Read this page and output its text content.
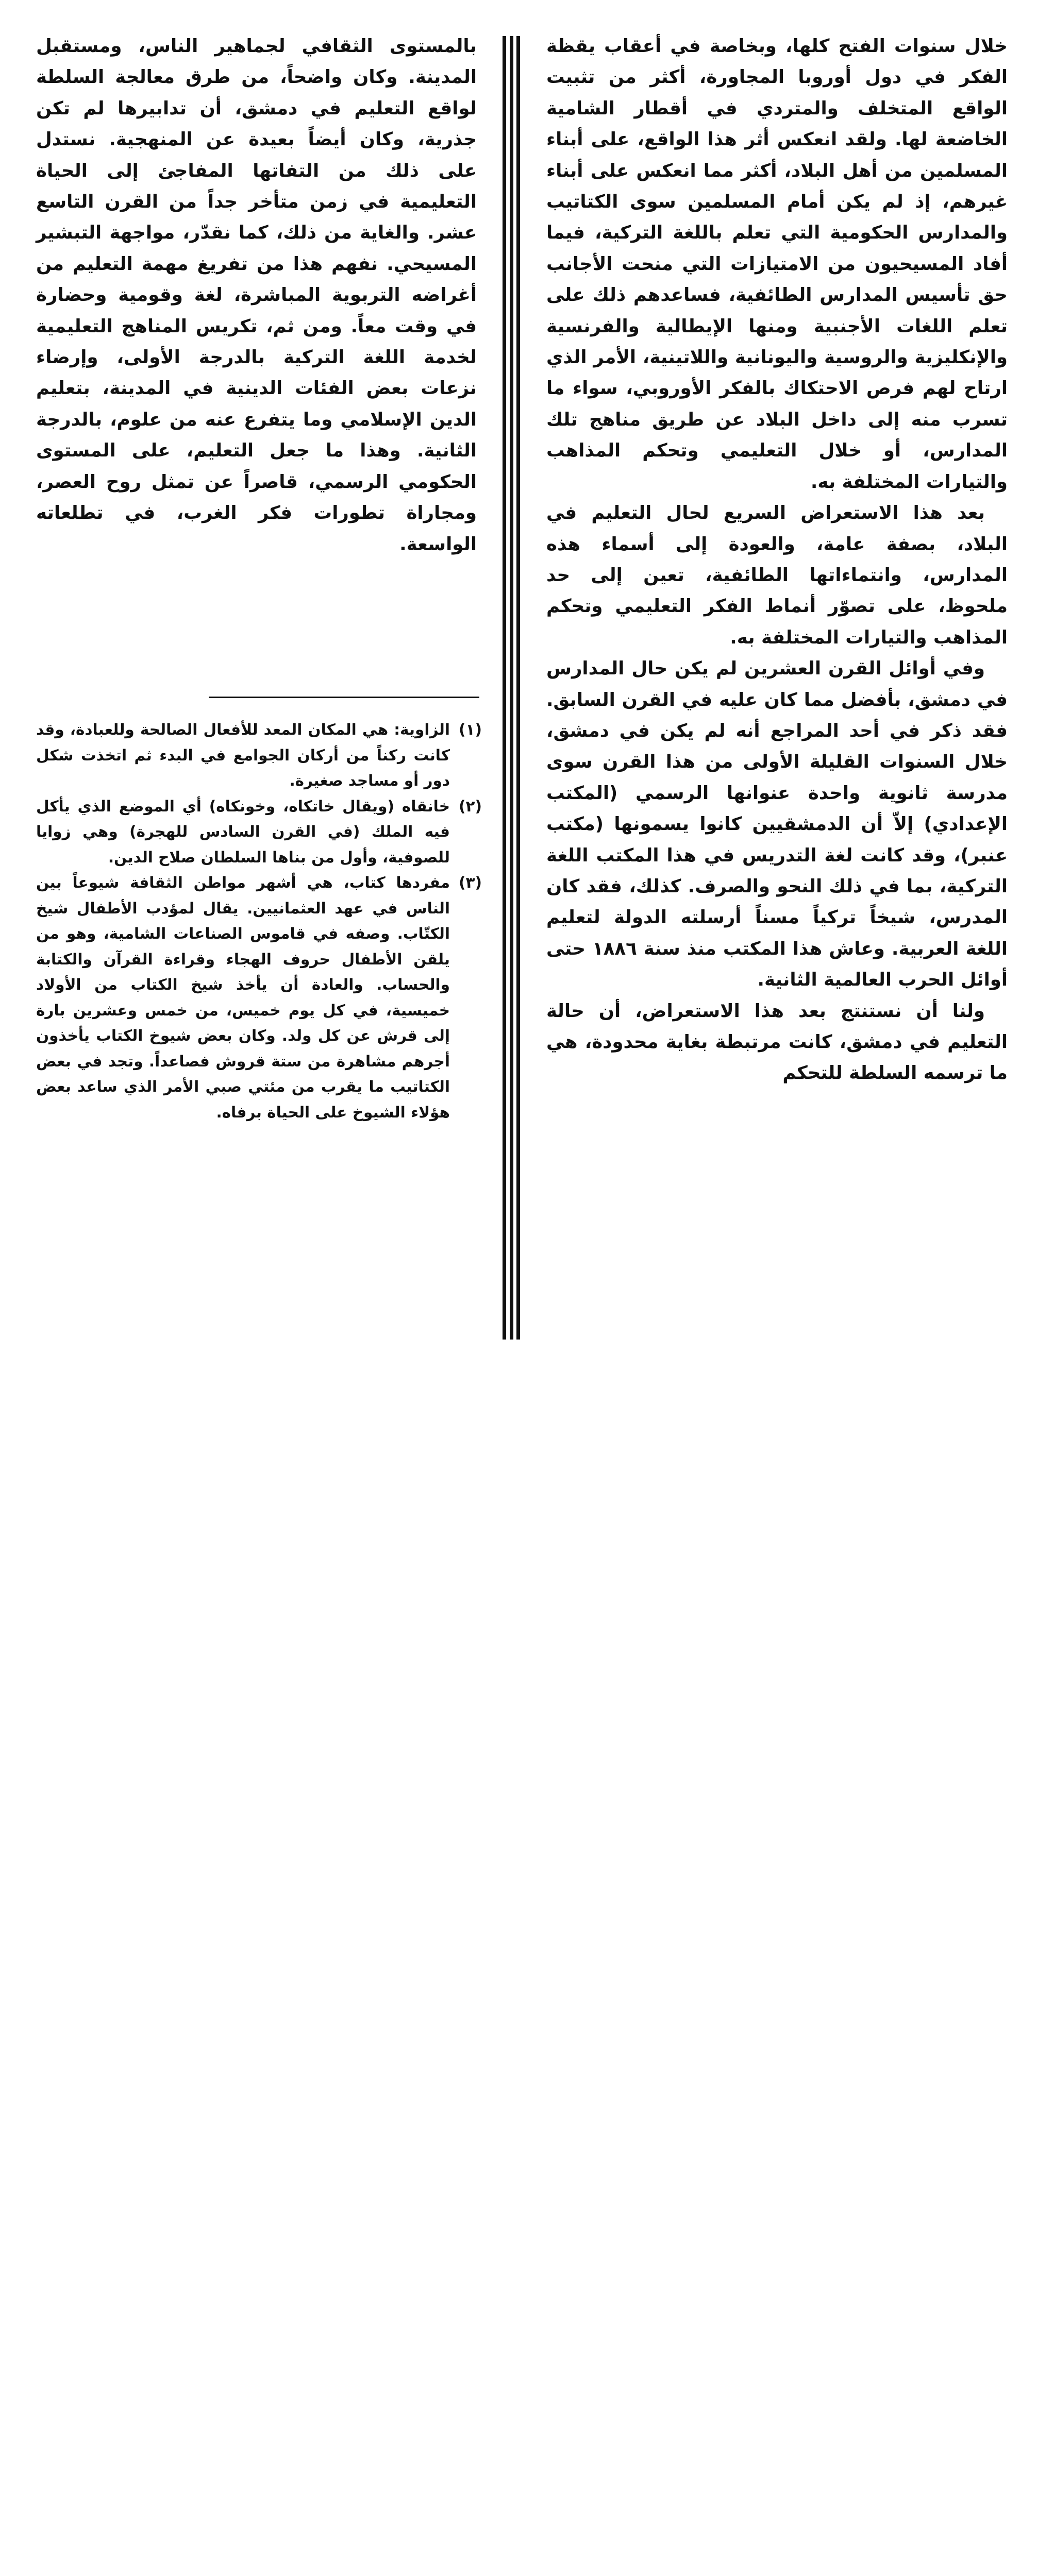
خلال سنوات الفتح كلها، وبخاصة في أعقاب يقظة الفكر في دول أوروبا المجاورة، أكثر من تثبيت الواقع المتخلف والمتردي في أقطار الشامية الخاضعة لها. ولقد انعكس أثر هذا الواقع، على أبناء المسلمين من أهل البلاد، أكثر مما انعكس على أبناء غيرهم، إذ لم يكن أمام المسلمين سوى الكتاتيب والمدارس الحكومية التي تعلم باللغة التركية، فيما أفاد المسيحيون من الامتيازات التي منحت الأجانب حق تأسيس المدارس الطائفية، فساعدهم ذلك على تعلم اللغات الأجنبية ومنها الإيطالية والفرنسية والإنكليزية والروسية واليونانية واللاتينية، الأمر الذي ارتاح لهم فرص الاحتكاك بالفكر الأوروبي، سواء ما تسرب منه إلى داخل البلاد عن طريق مناهج تلك المدارس، أو خلال التعليمي وتحكم المذاهب والتيارات المختلفة به.

بعد هذا الاستعراض السريع لحال التعليم في البلاد، بصفة عامة، والعودة إلى أسماء هذه المدارس، وانتماءاتها الطائفية، تعين إلى حد ملحوظ، على تصوّر أنماط الفكر التعليمي وتحكم المذاهب والتيارات المختلفة به.

وفي أوائل القرن العشرين لم يكن حال المدارس في دمشق، بأفضل مما كان عليه في القرن السابق. فقد ذكر في أحد المراجع أنه لم يكن في دمشق، خلال السنوات القليلة الأولى من هذا القرن سوى مدرسة ثانوية واحدة عنوانها الرسمي (المكتب الإعدادي) إلاّ أن الدمشقيين كانوا يسمونها (مكتب عنبر)، وقد كانت لغة التدريس في هذا المكتب اللغة التركية، بما في ذلك النحو والصرف. كذلك، فقد كان المدرس، شيخاً تركياً مسناً أرسلته الدولة لتعليم اللغة العربية. وعاش هذا المكتب منذ سنة ١٨٨٦ حتى أوائل الحرب العالمية الثانية.

ولنا أن نستنتج بعد هذا الاستعراض، أن حالة التعليم في دمشق، كانت مرتبطة بغاية محدودة، هي ما ترسمه السلطة للتحكم

بالمستوى الثقافي لجماهير الناس، ومستقبل المدينة. وكان واضحاً، من طرق معالجة السلطة لواقع التعليم في دمشق، أن تدابيرها لم تكن جذرية، وكان أيضاً بعيدة عن المنهجية. نستدل على ذلك من التفاتها المفاجئ إلى الحياة التعليمية في زمن متأخر جداً من القرن التاسع عشر. والغاية من ذلك، كما نقدّر، مواجهة التبشير المسيحي. نفهم هذا من تفريغ مهمة التعليم من أغراضه التربوية المباشرة، لغة وقومية وحضارة في وقت معاً. ومن ثم، تكريس المناهج التعليمية لخدمة اللغة التركية بالدرجة الأولى، وإرضاء نزعات بعض الفئات الدينية في المدينة، بتعليم الدين الإسلامي وما يتفرع عنه من علوم، بالدرجة الثانية. وهذا ما جعل التعليم، على المستوى الحكومي الرسمي، قاصراً عن تمثل روح العصر، ومجاراة تطورات فكر الغرب، في تطلعاته الواسعة.

(١)
الزاوية: هي المكان المعد للأفعال الصالحة وللعبادة، وقد كانت ركناً من أركان الجوامع في البدء ثم اتخذت شكل دور أو مساجد صغيرة.
(٢)
خانقاه (ويقال خاتكاه، وخونكاه) أي الموضع الذي يأكل فيه الملك (في القرن السادس للهجرة) وهي زوايا للصوفية، وأول من بناها السلطان صلاح الدين.
(٣)
مفردها كتاب، هي أشهر مواطن الثقافة شيوعاً بين الناس في عهد العثمانيين. يقال لمؤدب الأطفال شيخ الكتّاب. وصفه في قاموس الصناعات الشامية، وهو من يلقن الأطفال حروف الهجاء وقراءة القرآن والكتابة والحساب. والعادة أن يأخذ شيخ الكتاب من الأولاد خميسية، في كل يوم خميس، من خمس وعشرين بارة إلى قرش عن كل ولد. وكان بعض شيوخ الكتاب يأخذون أجرهم مشاهرة من ستة قروش فصاعداً. وتجد في بعض الكتاتيب ما يقرب من مئتي صبي الأمر الذي ساعد بعض هؤلاء الشيوخ على الحياة برفاه.
